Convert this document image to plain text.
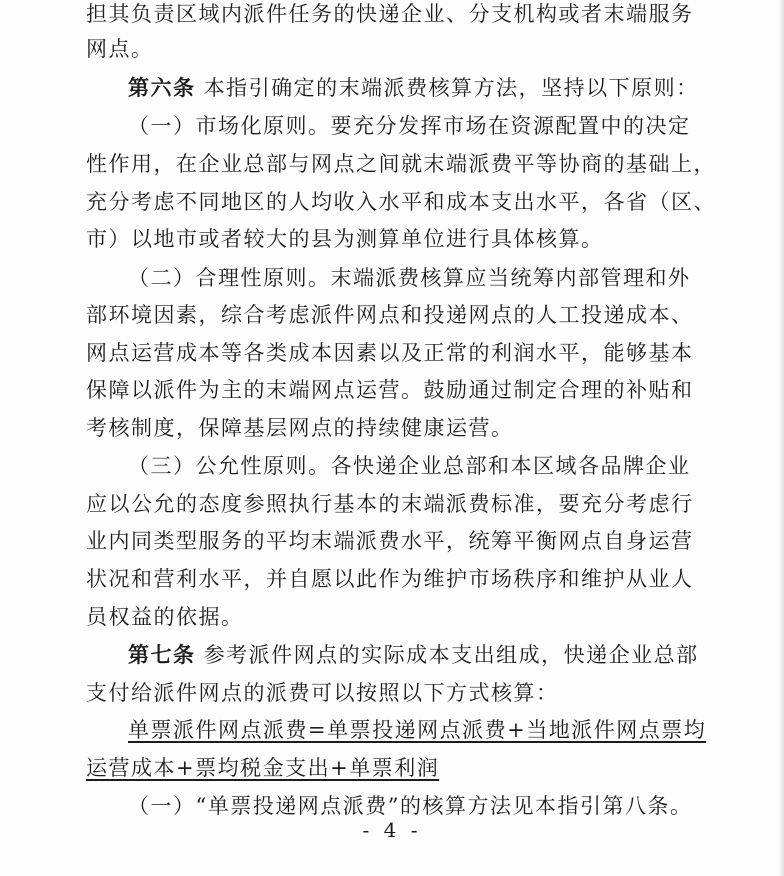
担其负责区域内派件任务的快递企业、分支机构或者末端服务
网点。
第六条 本指引确定的末端派费核算方法，坚持以下原则：
（一）市场化原则。要充分发挥市场在资源配置中的决定
性作用，在企业总部与网点之间就末端派费平等协商的基础上，
充分考虑不同地区的人均收入水平和成本支出水平，各省（区、
市）以地市或者较大的县为测算单位进行具体核算。
（二）合理性原则。末端派费核算应当统筹内部管理和外
部环境因素，综合考虑派件网点和投递网点的人工投递成本、
网点运营成本等各类成本因素以及正常的利润水平，能够基本
保障以派件为主的末端网点运营。鼓励通过制定合理的补贴和
考核制度，保障基层网点的持续健康运营。
（三）公允性原则。各快递企业总部和本区域各品牌企业
应以公允的态度参照执行基本的末端派费标准，要充分考虑行
业内同类型服务的平均末端派费水平，统筹平衡网点自身运营
状况和营利水平，并自愿以此作为维护市场秩序和维护从业人
员权益的依据。
第七条 参考派件网点的实际成本支出组成，快递企业总部
支付给派件网点的派费可以按照以下方式核算：
单票派件网点派费=单票投递网点派费+当地派件网点票均
运营成本+票均税金支出+单票利润
（一）“单票投递网点派费”的核算方法见本指引第八条。
- 4 -
